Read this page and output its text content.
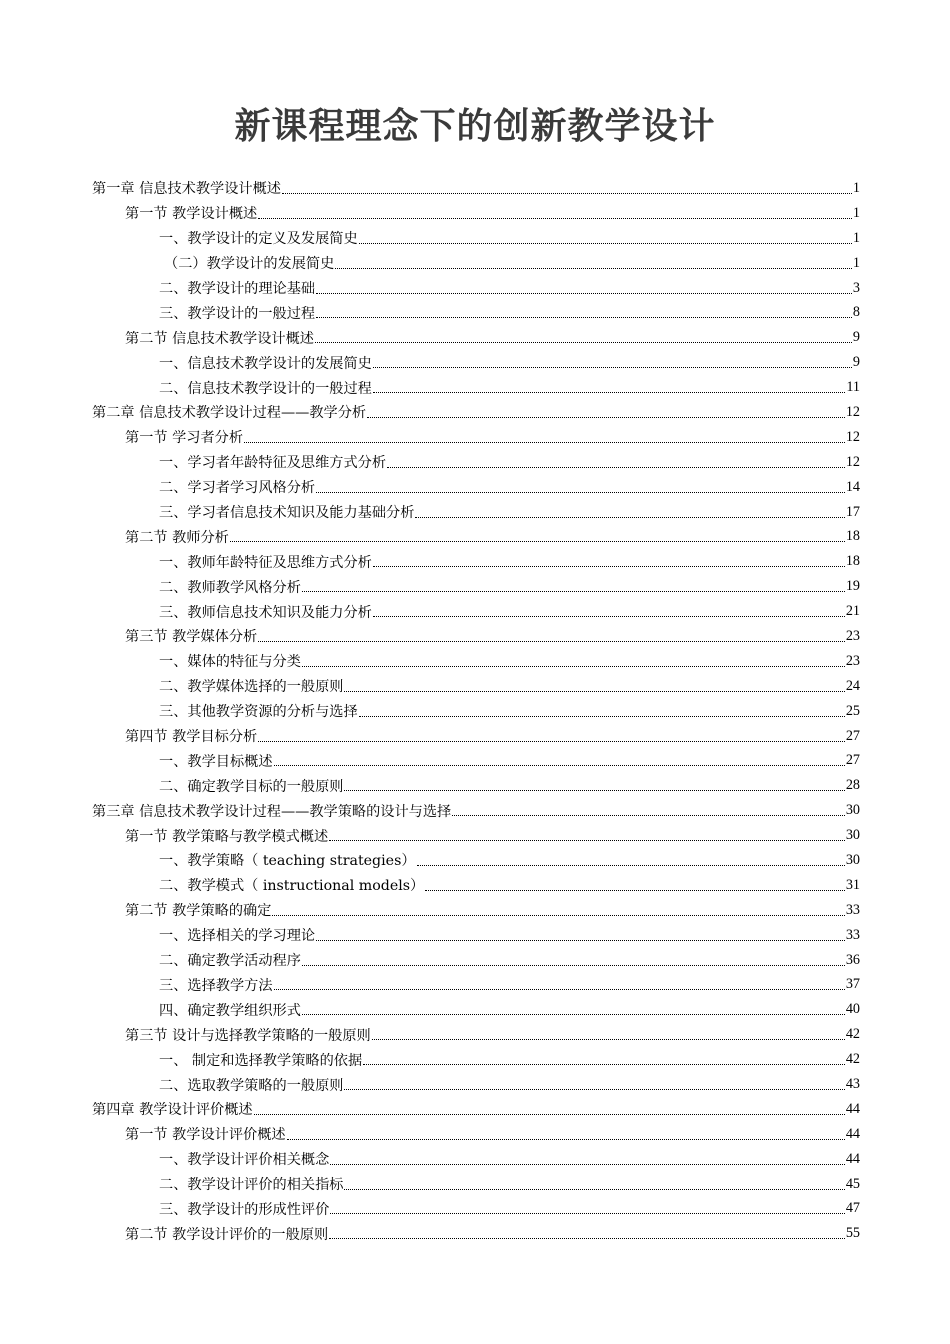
新课程理念下的创新教学设计
第一章 信息技术教学设计概述	1
第一节 教学设计概述	1
一、教学设计的定义及发展简史	1
（二）教学设计的发展简史	1
二、教学设计的理论基础	3
三、教学设计的一般过程	8
第二节 信息技术教学设计概述	9
一、信息技术教学设计的发展简史	9
二、信息技术教学设计的一般过程	11
第二章 信息技术教学设计过程——教学分析	12
第一节 学习者分析	12
一、学习者年龄特征及思维方式分析	12
二、学习者学习风格分析	14
三、学习者信息技术知识及能力基础分析	17
第二节 教师分析	18
一、教师年龄特征及思维方式分析	18
二、教师教学风格分析	19
三、教师信息技术知识及能力分析	21
第三节 教学媒体分析	23
一、媒体的特征与分类	23
二、教学媒体选择的一般原则	24
三、其他教学资源的分析与选择	25
第四节 教学目标分析	27
一、教学目标概述	27
二、确定教学目标的一般原则	28
第三章 信息技术教学设计过程——教学策略的设计与选择	30
第一节 教学策略与教学模式概述	30
一、教学策略（ teaching strategies）	30
二、教学模式（ instructional models）	31
第二节 教学策略的确定	33
一、选择相关的学习理论	33
二、确定教学活动程序	36
三、选择教学方法	37
四、确定教学组织形式	40
第三节 设计与选择教学策略的一般原则	42
一、 制定和选择教学策略的依据	42
二、选取教学策略的一般原则	43
第四章 教学设计评价概述	44
第一节 教学设计评价概述	44
一、教学设计评价相关概念	44
二、教学设计评价的相关指标	45
三、教学设计的形成性评价	47
第二节 教学设计评价的一般原则	55
